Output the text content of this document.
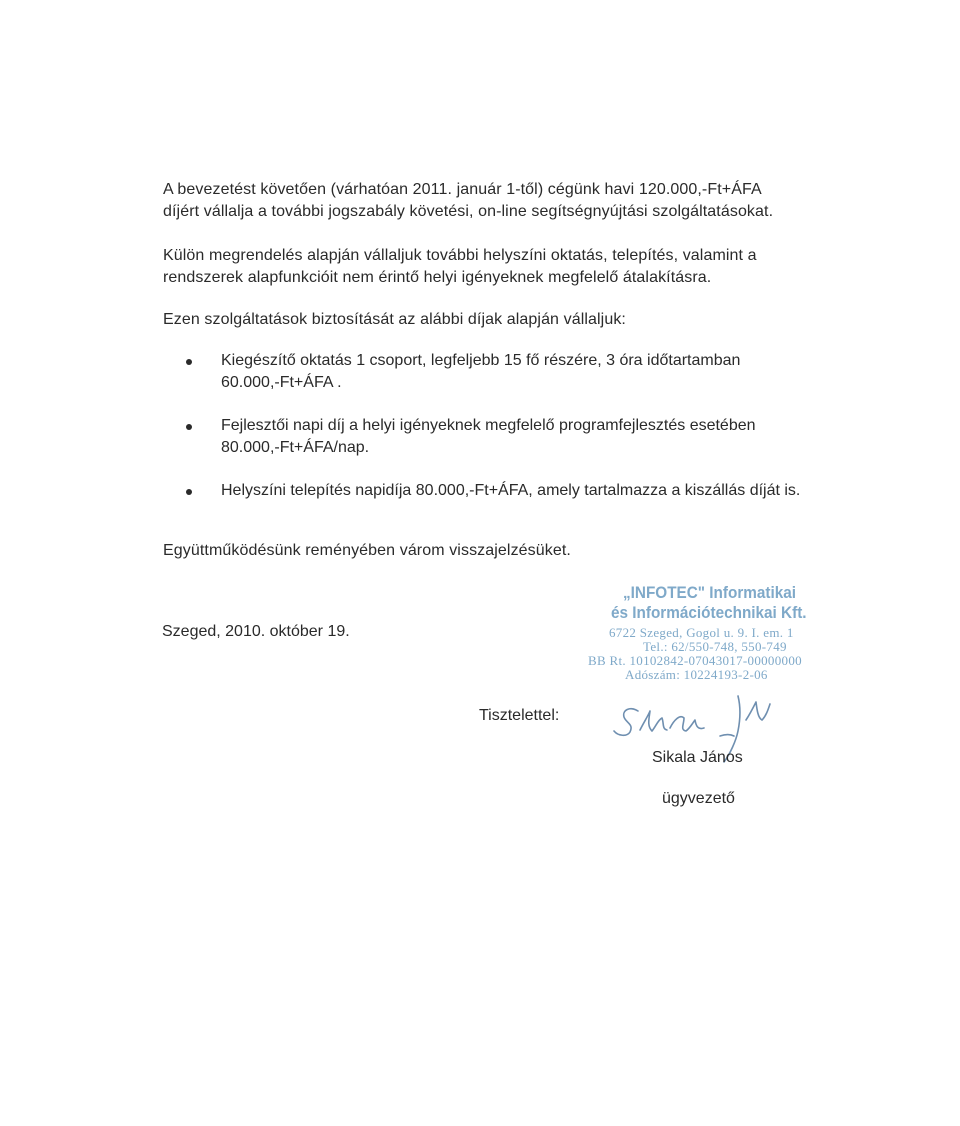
A bevezetést követően (várhatóan 2011. január 1-től) cégünk havi 120.000,-Ft+ÁFA
díjért vállalja a további jogszabály követési, on-line segítségnyújtási szolgáltatásokat.
Külön megrendelés alapján vállaljuk további helyszíni oktatás, telepítés, valamint a
rendszerek alapfunkcióit nem érintő helyi igényeknek megfelelő átalakításra.
Ezen szolgáltatások biztosítását az alábbi díjak alapján vállaljuk:
Kiegészítő oktatás 1 csoport, legfeljebb 15 fő részére, 3 óra időtartamban
60.000,-Ft+ÁFA .
Fejlesztői napi díj a helyi igényeknek megfelelő programfejlesztés esetében
80.000,-Ft+ÁFA/nap.
Helyszíni telepítés napidíja 80.000,-Ft+ÁFA, amely tartalmazza a kiszállás díját is.
Együttműködésünk reményében várom visszajelzésüket.
Szeged, 2010. október 19.
„INFOTEC" Informatikai
és Információtechnikai Kft.
6722 Szeged, Gogol u. 9. I. em. 1
Tel.: 62/550-748, 550-749
BB Rt. 10102842-07043017-00000000
Adószám: 10224193-2-06
Tisztelettel:
Sikala János
ügyvezető
